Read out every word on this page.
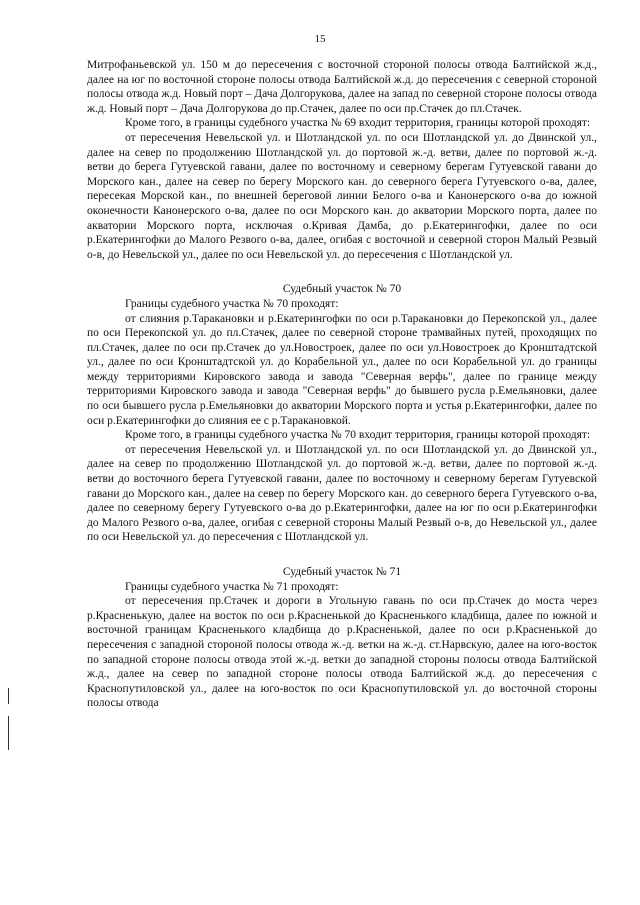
15

Митрофаньевской ул. 150 м до пересечения с восточной стороной полосы отвода Балтийской ж.д., далее на юг по восточной стороне полосы отвода Балтийской ж.д. до пересечения с северной стороной полосы отвода ж.д. Новый порт – Дача Долгорукова, далее на запад по северной стороне полосы отвода ж.д. Новый порт – Дача Долгорукова до пр.Стачек, далее по оси пр.Стачек до пл.Стачек.

Кроме того, в границы судебного участка № 69 входит территория, границы которой проходят:

от пересечения Невельской ул. и Шотландской ул. по оси Шотландской ул. до Двинской ул., далее на север по продолжению Шотландской ул. до портовой ж.-д. ветви, далее по портовой ж.-д. ветви до берега Гутуевской гавани, далее по восточному и северному берегам Гутуевской гавани до Морского кан., далее на север по берегу Морского кан. до северного берега Гутуевского о-ва, далее, пересекая Морской кан., по внешней береговой линии Белого о-ва и Канонерского о-ва до южной оконечности Канонерского о-ва, далее по оси Морского кан. до акватории Морского порта, далее по акватории Морского порта, исключая о.Кривая Дамба, до р.Екатерингофки, далее по оси р.Екатерингофки до Малого Резвого о-ва, далее, огибая с восточной и северной сторон Малый Резвый о-в, до Невельской ул., далее по оси Невельской ул. до пересечения с Шотландской ул.

Судебный участок № 70

Границы судебного участка № 70 проходят:

от слияния р.Таракановки и р.Екатерингофки по оси р.Таракановки до Перекопской ул., далее по оси Перекопской ул. до пл.Стачек, далее по северной стороне трамвайных путей, проходящих по пл.Стачек, далее по оси пр.Стачек до ул.Новостроек, далее по оси ул.Новостроек до Кронштадтской ул., далее по оси Кронштадтской ул. до Корабельной ул., далее по оси Корабельной ул. до границы между территориями Кировского завода и завода "Северная верфь", далее по границе между территориями Кировского завода и завода "Северная верфь" до бывшего русла р.Емельяновки, далее по оси бывшего русла р.Емельяновки до акватории Морского порта и устья р.Екатерингофки, далее по оси р.Екатерингофки до слияния ее с р.Таракановкой.

Кроме того, в границы судебного участка № 70 входит территория, границы которой проходят:

от пересечения Невельской ул. и Шотландской ул. по оси Шотландской ул. до Двинской ул., далее на север по продолжению Шотландской ул. до портовой ж.-д. ветви, далее по портовой ж.-д. ветви до восточного берега Гутуевской гавани, далее по восточному и северному берегам Гутуевской гавани до Морского кан., далее на север по берегу Морского кан. до северного берега Гутуевского о-ва, далее по северному берегу Гутуевского о-ва до р.Екатерингофки, далее на юг по оси р.Екатерингофки до Малого Резвого о-ва, далее, огибая с северной стороны Малый Резвый о-в, до Невельской ул., далее по оси Невельской ул. до пересечения с Шотландской ул.

Судебный участок № 71

Границы судебного участка № 71 проходят:

от пересечения пр.Стачек и дороги в Угольную гавань по оси пр.Стачек до моста через р.Красненькую, далее на восток по оси р.Красненькой до Красненького кладбища, далее по южной и восточной границам Красненького кладбища до р.Красненькой, далее по оси р.Красненькой до пересечения с западной стороной полосы отвода ж.-д. ветки на ж.-д. ст.Нарвскую, далее на юго-восток по западной стороне полосы отвода этой ж.-д. ветки до западной стороны полосы отвода Балтийской ж.д., далее на север по западной стороне полосы отвода Балтийской ж.д. до пересечения с Краснопутиловской ул., далее на юго-восток по оси Краснопутиловской ул. до восточной стороны полосы отвода
